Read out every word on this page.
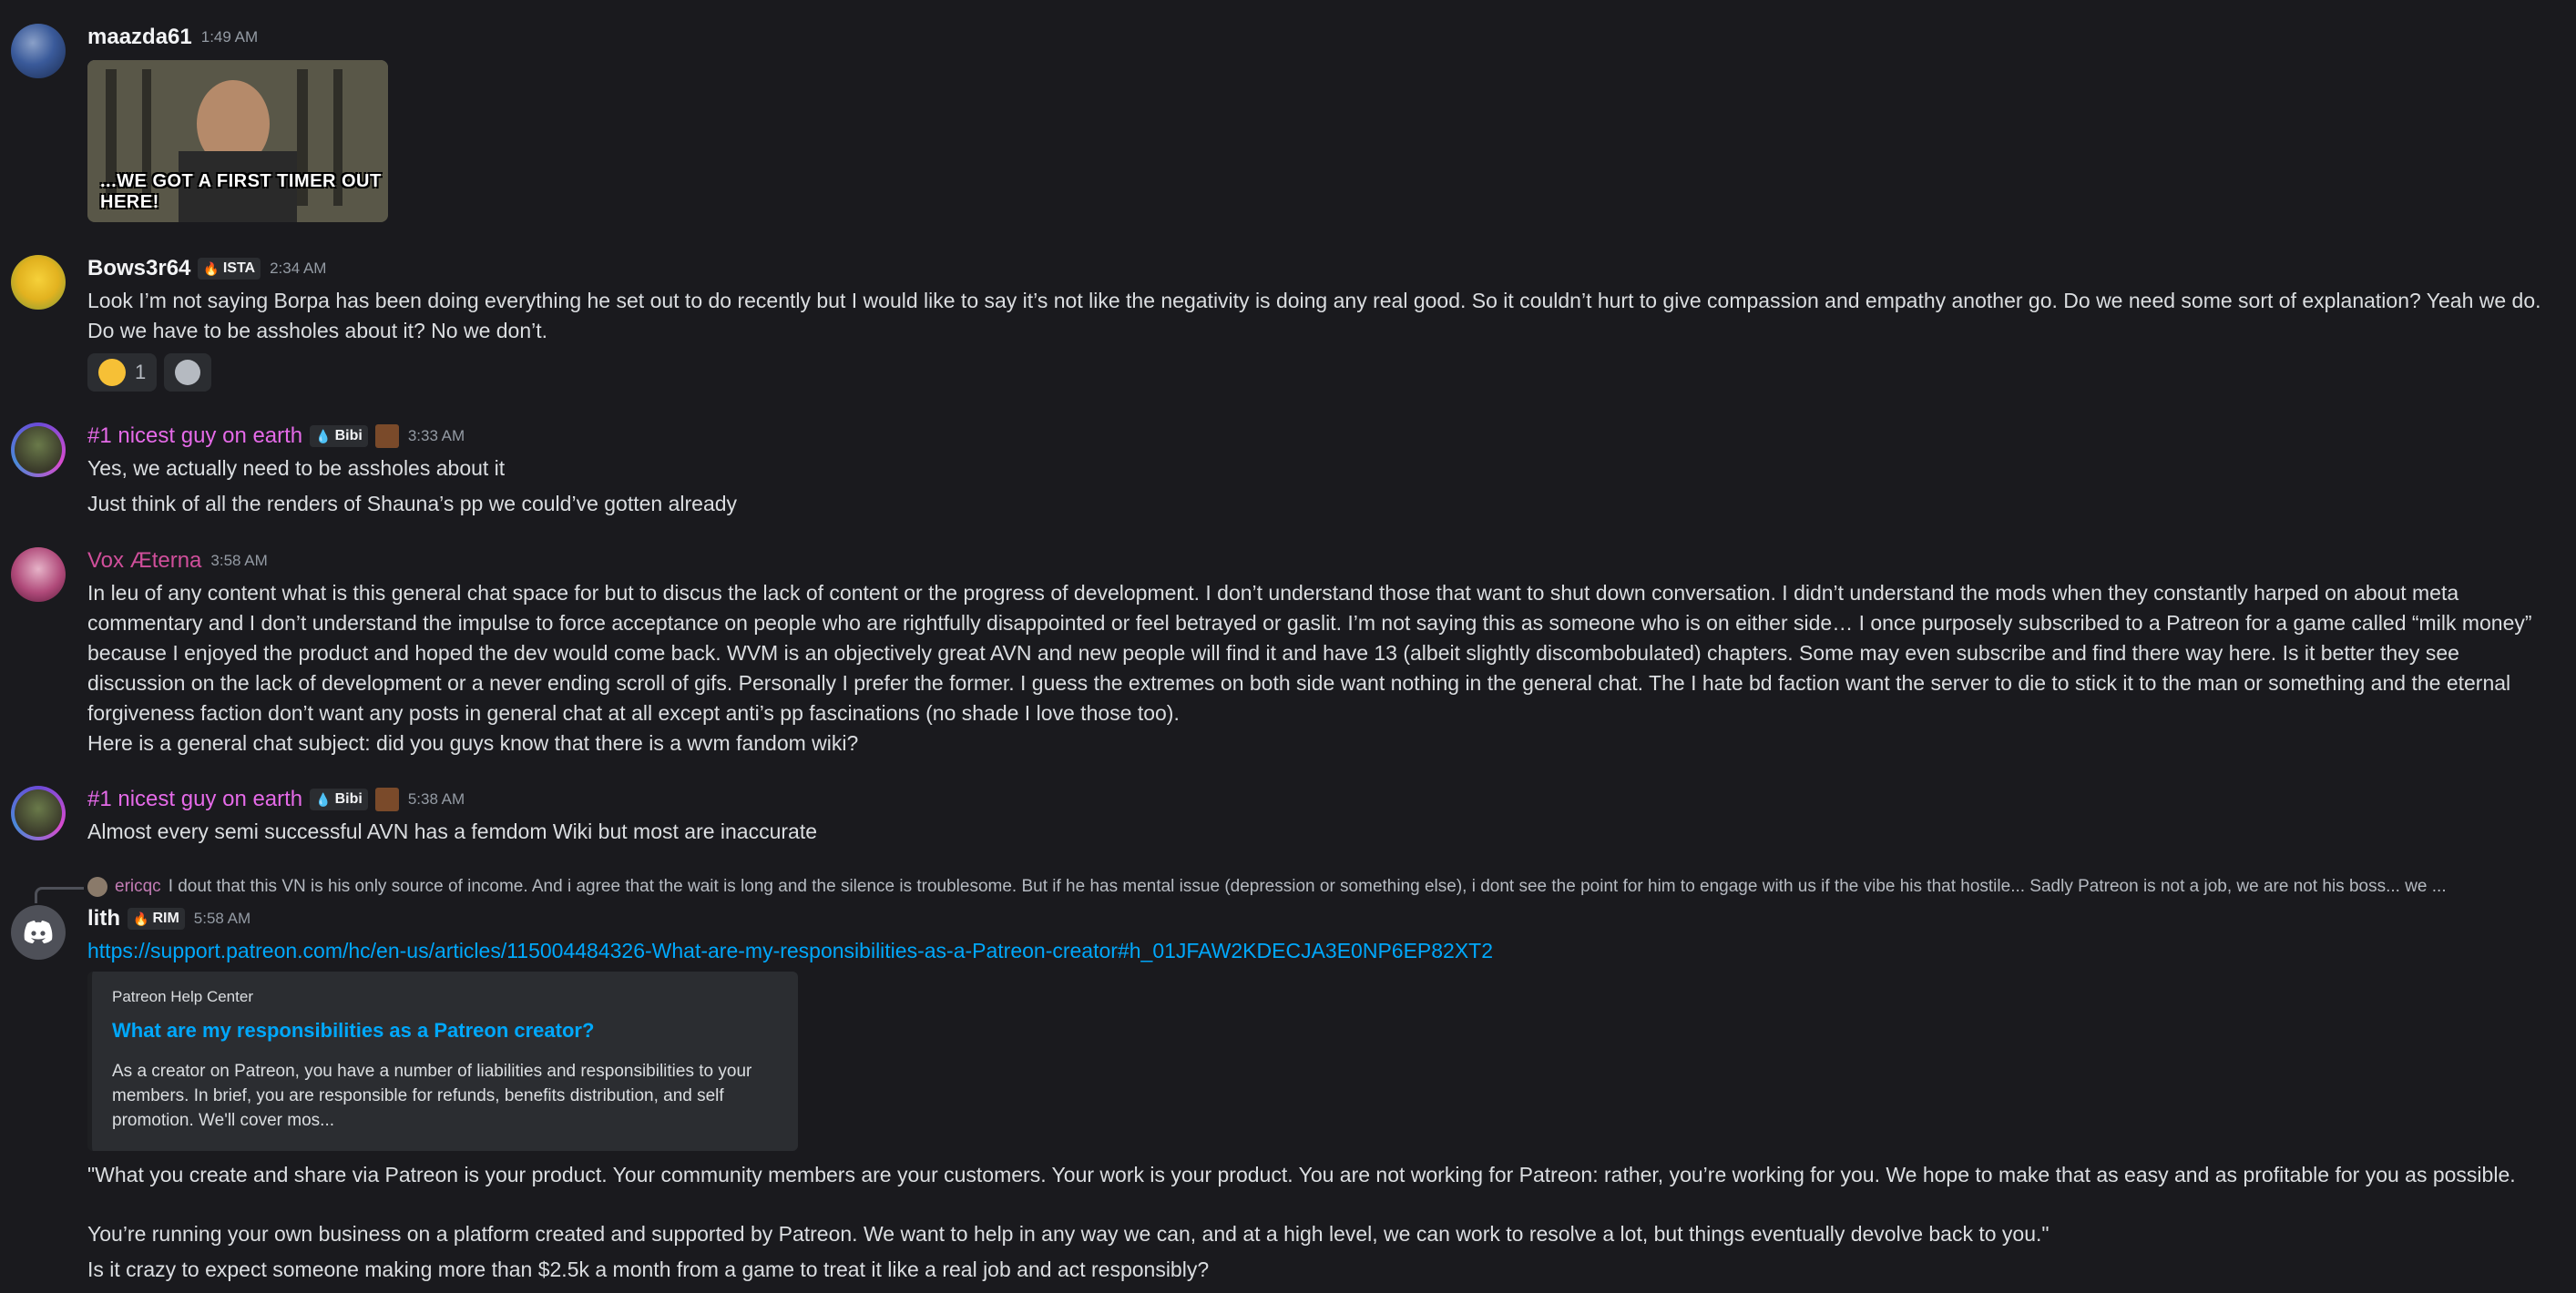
maazda61 1:49 AM
...WE GOT A FIRST TIMER OUT HERE!
Bows3r64 🔥 ISTA 2:34 AM
Look I’m not saying Borpa has been doing everything he set out to do recently but I would like to say it’s not like the negativity is doing any real good. So it couldn’t hurt to give compassion and empathy another go. Do we need some sort of explanation? Yeah we do. Do we have to be assholes about it? No we don’t.
1
#1 nicest guy on earth 💧 Bibi	3:33 AM
Yes, we actually need to be assholes about it
Just think of all the renders of Shauna’s pp we could’ve gotten already
Vox Æterna 3:58 AM
In leu of any content what is this general chat space for but to discus the lack of content or the progress of development. I don’t understand those that want to shut down conversation. I didn’t understand the mods when they constantly harped on about meta commentary and I don’t understand the impulse to force acceptance on people who are rightfully disappointed or feel betrayed or gaslit. I’m not saying this as someone who is on either side… I once purposely subscribed to a Patreon for a game called “milk money” because I enjoyed the product and hoped the dev would come back. WVM is an objectively great AVN and new people will find it and have 13 (albeit slightly discombobulated) chapters. Some may even subscribe and find there way here. Is it better they see discussion on the lack of development or a never ending scroll of gifs. Personally I prefer the former. I guess the extremes on both side want nothing in the general chat. The I hate bd faction want the server to die to stick it to the man or something and the eternal forgiveness faction don’t want any posts in general chat at all except anti’s pp fascinations (no shade I love those too).
Here is a general chat subject: did you guys know that there is a wvm fandom wiki?
#1 nicest guy on earth 💧 Bibi	5:38 AM
Almost every semi successful AVN has a femdom Wiki but most are inaccurate
ericqc I dout that this VN is his only source of income. And i agree that the wait is long and the silence is troublesome. But if he has mental issue (depression or something else), i dont see the point for him to engage with us if the vibe his that hostile... Sadly Patreon is not a job, we are not his boss... we ...
lith 🔥 RIM 5:58 AM
https://support.patreon.com/hc/en-us/articles/115004484326-What-are-my-responsibilities-as-a-Patreon-creator#h_01JFAW2KDECJA3E0NP6EP82XT2
Patreon Help Center
What are my responsibilities as a Patreon creator?
As a creator on Patreon, you have a number of liabilities and responsibilities to your members. In brief, you are responsible for refunds, benefits distribution, and self promotion. We'll cover mos...
"What you create and share via Patreon is your product. Your community members are your customers. Your work is your product. You are not working for Patreon: rather, you’re working for you. We hope to make that as easy and as profitable for you as possible.
You’re running your own business on a platform created and supported by Patreon. We want to help in any way we can, and at a high level, we can work to resolve a lot, but things eventually devolve back to you."
Is it crazy to expect someone making more than $2.5k a month from a game to treat it like a real job and act responsibly?
